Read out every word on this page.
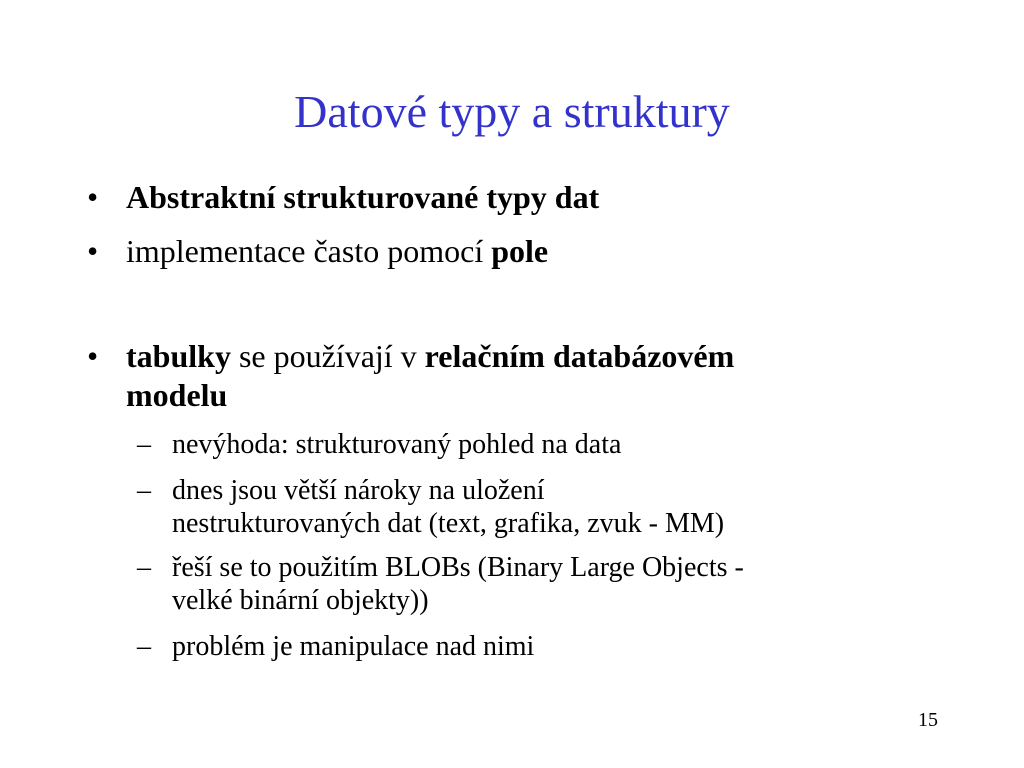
Datové typy a struktury
• Abstraktní strukturované typy dat
• implementace často pomocí pole
• tabulky se používají v relačním databázovém
modelu
– nevýhoda: strukturovaný pohled na data
– dnes jsou větší nároky na uložení
nestrukturovaných dat (text, grafika, zvuk - MM)
– řeší se to použitím BLOBs (Binary Large Objects -
velké binární objekty))
– problém je manipulace nad nimi
15
